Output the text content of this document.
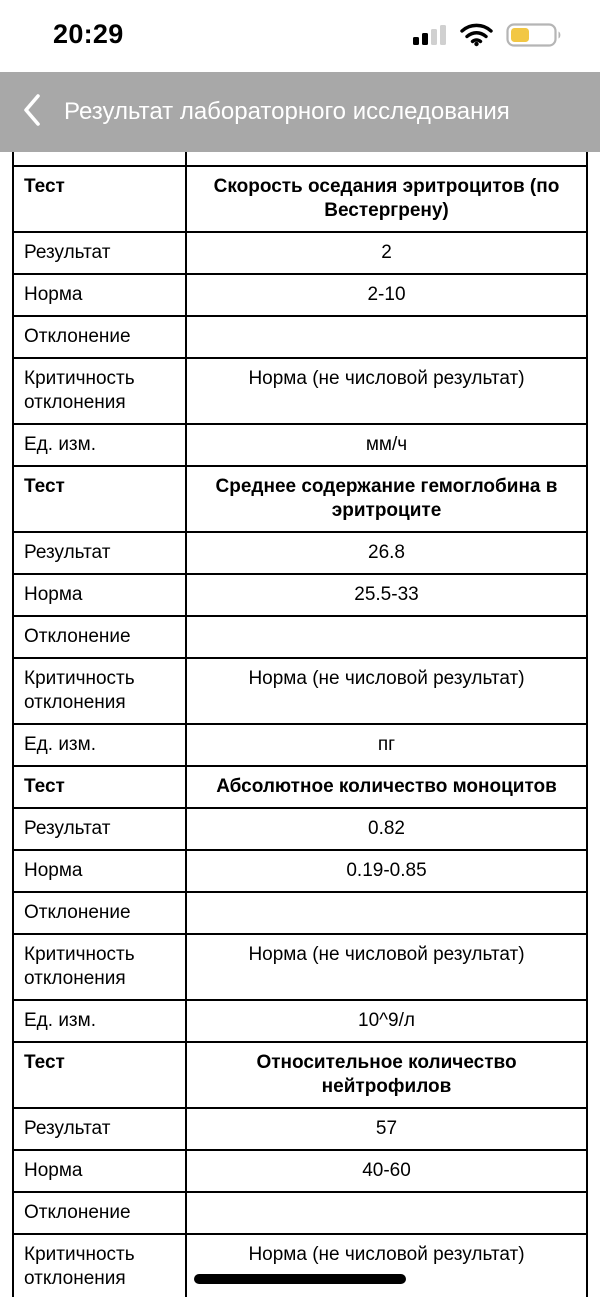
20:29
Результат лабораторного исследования

Тест	Скорость оседания эритроцитов (по Вестергрену)
Результат	2
Норма	2-10
Отклонение	
Критичность отклонения	Норма (не числовой результат)
Ед. изм.	мм/ч
Тест	Среднее содержание гемоглобина в эритроците
Результат	26.8
Норма	25.5-33
Отклонение	
Критичность отклонения	Норма (не числовой результат)
Ед. изм.	пг
Тест	Абсолютное количество моноцитов
Результат	0.82
Норма	0.19-0.85
Отклонение	
Критичность отклонения	Норма (не числовой результат)
Ед. изм.	10^9/л
Тест	Относительное количество нейтрофилов
Результат	57
Норма	40-60
Отклонение	
Критичность отклонения	Норма (не числовой результат)
